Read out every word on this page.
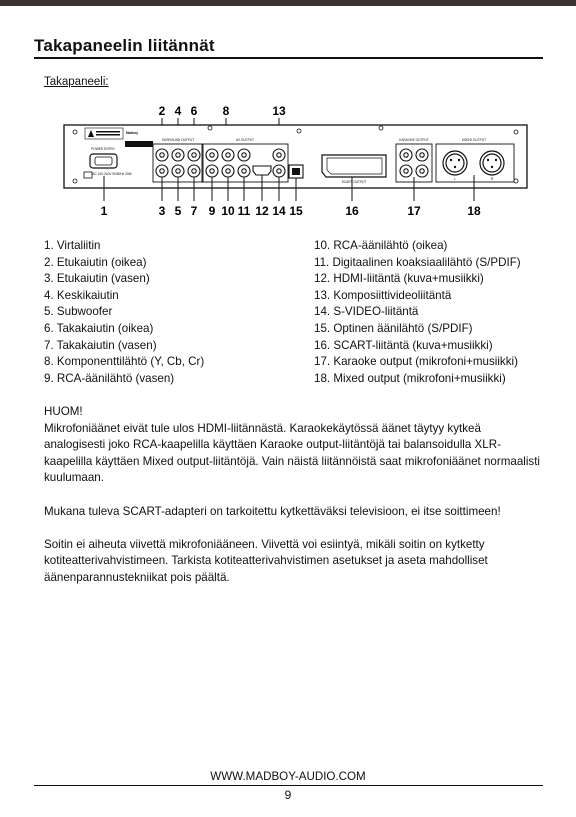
Takapaneelin liitännät
Takapaneeli:
2 4 6 8	13
Madboy
POWER ENTRY
AC 100-240V 50/60Hz 20W
SURROUND OUTPUT	AV OUTPUT
SCART OUTPUT
KARAOKE OUTPUT	MIXED OUTPUT
L	R
1	3 5 7 9 10 11 12 14 15	16	17	18
1. Virtaliitin
2. Etukaiutin (oikea)
3. Etukaiutin (vasen)
4. Keskikaiutin
5. Subwoofer
6. Takakaiutin (oikea)
7. Takakaiutin (vasen)
8. Komponenttilähtö (Y, Cb, Cr)
9. RCA-äänilähtö (vasen)
10. RCA-äänilähtö (oikea)
11. Digitaalinen koaksiaalilähtö (S/PDIF)
12. HDMI-liitäntä (kuva+musiikki)
13. Komposiittivideoliitäntä
14. S-VIDEO-liitäntä
15. Optinen äänilähtö (S/PDIF)
16. SCART-liitäntä (kuva+musiikki)
17. Karaoke output (mikrofoni+musiikki)
18. Mixed output (mikrofoni+musiikki)
HUOM!

Mikrofoniäänet eivät tule ulos HDMI-liitännästä. Karaokekäytössä äänet täytyy kytkeä analogisesti joko RCA-kaapelilla käyttäen Karaoke output-liitäntöjä tai balansoidulla XLR-kaapelilla käyttäen Mixed output-liitäntöjä. Vain näistä liitännöistä saat mikrofoniäänet normaalisti kuulumaan.

Mukana tuleva SCART-adapteri on tarkoitettu kytkettäväksi televisioon, ei itse soittimeen!

Soitin ei aiheuta viivettä mikrofoniääneen. Viivettä voi esiintyä, mikäli soitin on kytketty kotiteatterivahvistimeen. Tarkista kotiteatterivahvistimen asetukset ja aseta mahdolliset äänenparannustekniikat pois päältä.

WWW.MADBOY-AUDIO.COM
9
